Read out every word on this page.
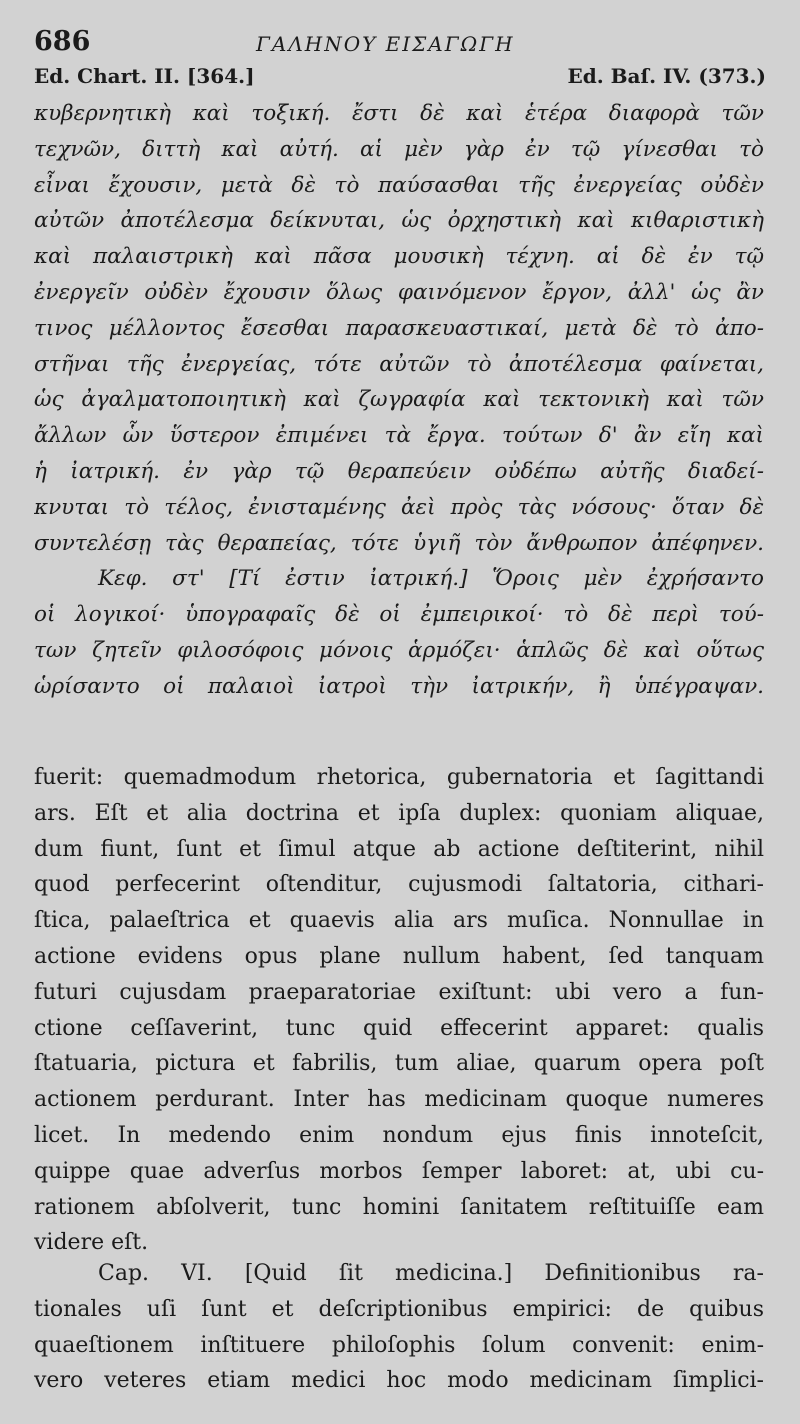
686	ΓΑΛΗΝΟΥ ΕΙΣΑΓΩΓΗ
Ed. Chart. II. [364.]	Ed. Baſ. IV. (373.)
κυβερνητικὴ καὶ τοξική. ἔστι δὲ καὶ ἑτέρα διαφορὰ τῶν
τεχνῶν, διττὴ καὶ αὐτή. αἱ μὲν γὰρ ἐν τῷ γίνεσθαι τὸ
εἶναι ἔχουσιν, μετὰ δὲ τὸ παύσασθαι τῆς ἐνεργείας οὐδὲν
αὐτῶν ἀποτέλεσμα δείκνυται, ὡς ὀρχηστικὴ καὶ κιθαριστικὴ
καὶ παλαιστρικὴ καὶ πᾶσα μουσικὴ τέχνη. αἱ δὲ ἐν τῷ
ἐνεργεῖν οὐδὲν ἔχουσιν ὅλως φαινόμενον ἔργον, ἀλλ' ὡς ἂν
τινος μέλλοντος ἔσεσθαι παρασκευαστικαί, μετὰ δὲ τὸ ἀπο-
στῆναι τῆς ἐνεργείας, τότε αὐτῶν τὸ ἀποτέλεσμα φαίνεται,
ὡς ἀγαλματοποιητικὴ καὶ ζωγραφία καὶ τεκτονικὴ καὶ τῶν
ἄλλων ὧν ὕστερον ἐπιμένει τὰ ἔργα. τούτων δ' ἂν εἴη καὶ
ἡ ἰατρική. ἐν γὰρ τῷ θεραπεύειν οὐδέπω αὐτῆς διαδεί-
κνυται τὸ τέλος, ἐνισταμένης ἀεὶ πρὸς τὰς νόσους· ὅταν δὲ
συντελέσῃ τὰς θεραπείας, τότε ὑγιῆ τὸν ἄνθρωπον ἀπέφηνεν.
Κεφ. στ' [Τί ἐστιν ἰατρική.] Ὅροις μὲν ἐχρήσαντο
οἱ λογικοί· ὑπογραφαῖς δὲ οἱ ἐμπειρικοί· τὸ δὲ περὶ τού-
των ζητεῖν φιλοσόφοις μόνοις ἁρμόζει· ἁπλῶς δὲ καὶ οὕτως
ὡρίσαντο οἱ παλαιοὶ ἰατροὶ τὴν ἰατρικήν, ἢ ὑπέγραψαν.
fuerit: quemadmodum rhetorica, gubernatoria et ſagittandi
ars. Eſt et alia doctrina et ipſa duplex: quoniam aliquae,
dum fiunt, ſunt et ſimul atque ab actione deſtiterint, nihil
quod perfecerint oſtenditur, cujusmodi ſaltatoria, cithari-
ſtica, palaeſtrica et quaevis alia ars muſica. Nonnullae in
actione evidens opus plane nullum habent, ſed tanquam
futuri cujusdam praeparatoriae exiſtunt: ubi vero a fun-
ctione ceſſaverint, tunc quid effecerint apparet: qualis
ſtatuaria, pictura et fabrilis, tum aliae, quarum opera poſt
actionem perdurant. Inter has medicinam quoque numeres
licet. In medendo enim nondum ejus finis innoteſcit,
quippe quae adverſus morbos ſemper laboret: at, ubi cu-
rationem abſolverit, tunc homini ſanitatem reſtituiſſe eam
videre eſt.
Cap. VI. [Quid ſit medicina.] Definitionibus ra-
tionales uſi ſunt et deſcriptionibus empirici: de quibus
quaeſtionem inſtituere philoſophis ſolum convenit: enim-
vero veteres etiam medici hoc modo medicinam ſimplici-
